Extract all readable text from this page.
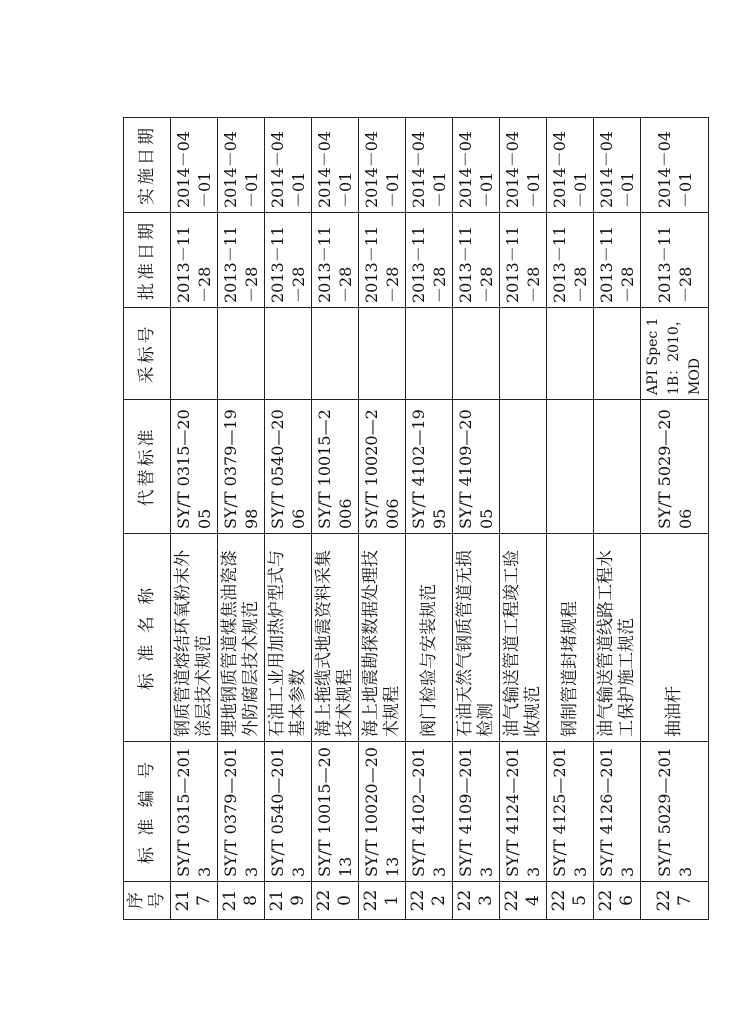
序号	标 准 编 号	标 准 名 称	代替标准	采标号	批准日期	实施日期
217	SY/T 0315—2013	钢质管道熔结环氧粉末外涂层技术规范	SY/T 0315—2005		2013－11－28	2014－04－01
218	SY/T 0379—2013	埋地钢质管道煤焦油瓷漆外防腐层技术规范	SY/T 0379—1998		2013－11－28	2014－04－01
219	SY/T 0540—2013	石油工业用加热炉型式与基本参数	SY/T 0540—2006		2013－11－28	2014－04－01
220	SY/T 10015—2013	海上拖缆式地震资料采集技术规程	SY/T 10015—2006		2013－11－28	2014－04－01
221	SY/T 10020—2013	海上地震勘探数据处理技术规程	SY/T 10020—2006		2013－11－28	2014－04－01
222	SY/T 4102—2013	阀门检验与安装规范	SY/T 4102—1995		2013－11－28	2014－04－01
223	SY/T 4109—2013	石油天然气钢质管道无损检测	SY/T 4109—2005		2013－11－28	2014－04－01
224	SY/T 4124—2013	油气输送管道工程竣工验收规范			2013－11－28	2014－04－01
225	SY/T 4125—2013	钢制管道封堵规程			2013－11－28	2014－04－01
226	SY/T 4126—2013	油气输送管道线路工程水工保护施工规范			2013－11－28	2014－04－01
227	SY/T 5029—2013	抽油杆	SY/T 5029—2006	API Spec 11B：2010，MOD	2013－11－28	2014－04－01
